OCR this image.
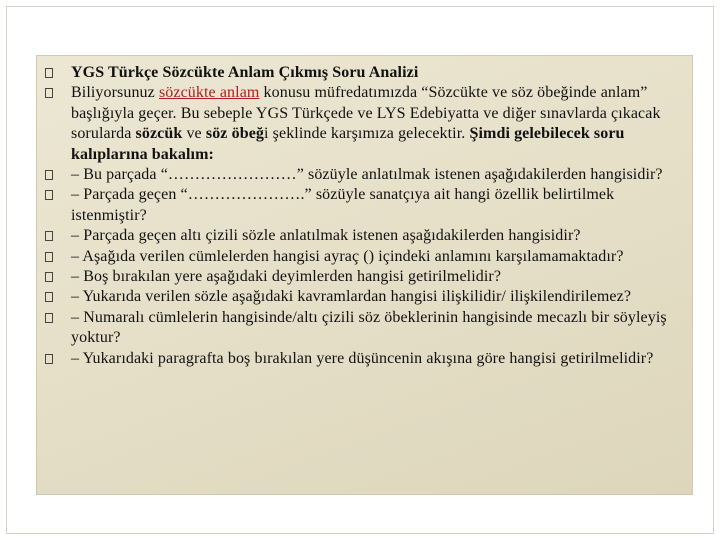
YGS Türkçe Sözcükte Anlam Çıkmış Soru Analizi
Biliyorsunuz sözcükte anlam konusu müfredatımızda “Sözcükte ve söz öbeğinde anlam” başlığıyla geçer. Bu sebeple YGS Türkçede ve LYS Edebiyatta ve diğer sınavlarda çıkacak sorularda sözcük ve söz öbeği şeklinde karşımıza gelecektir. Şimdi gelebilecek soru kalıplarına bakalım:
– Bu parçada “……………………” sözüyle anlatılmak istenen aşağıdakilerden hangisidir?
– Parçada geçen “………………….” sözüyle sanatçıya ait hangi özellik belirtilmek istenmiştir?
– Parçada geçen altı çizili sözle anlatılmak istenen aşağıdakilerden hangisidir?
– Aşağıda verilen cümlelerden hangisi ayraç () içindeki anlamını karşılamamaktadır?
– Boş bırakılan yere aşağıdaki deyimlerden hangisi getirilmelidir?
– Yukarıda verilen sözle aşağıdaki kavramlardan hangisi ilişkilidir/ ilişkilendirilemez?
– Numaralı cümlelerin hangisinde/altı çizili söz öbeklerinin hangisinde mecazlı bir söyleyiş yoktur?
– Yukarıdaki paragrafta boş bırakılan yere düşüncenin akışına göre hangisi getirilmelidir?
